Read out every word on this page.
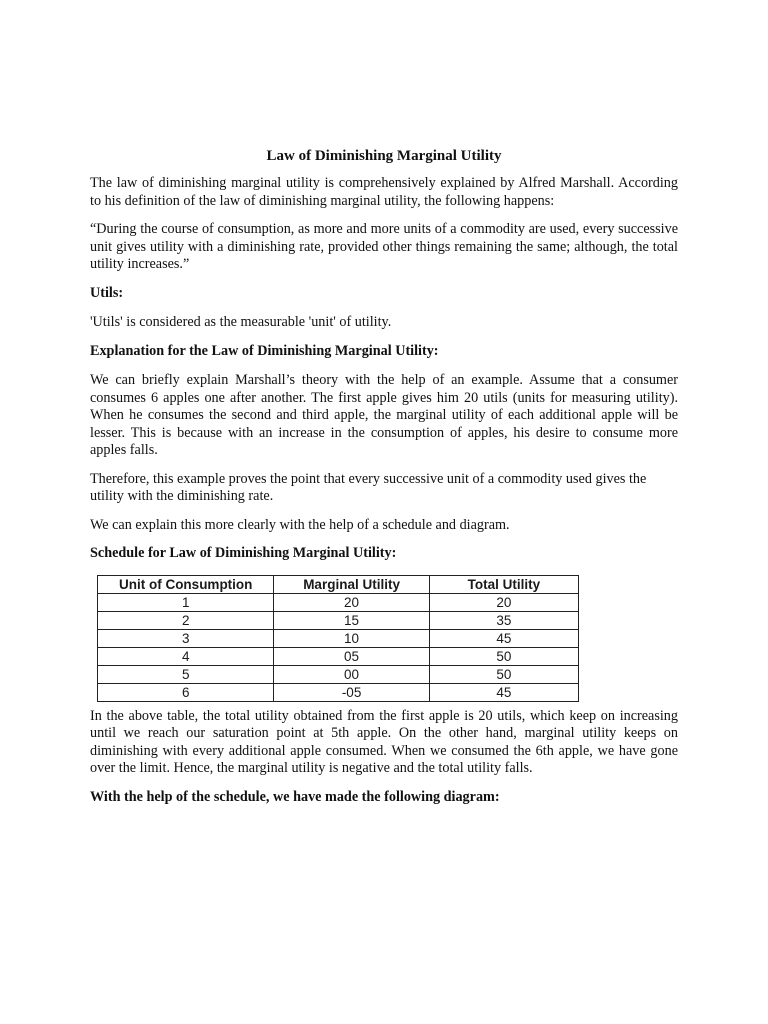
Law of Diminishing Marginal Utility

The law of diminishing marginal utility is comprehensively explained by Alfred Marshall. According to his definition of the law of diminishing marginal utility, the following happens:

“During the course of consumption, as more and more units of a commodity are used, every successive unit gives utility with a diminishing rate, provided other things remaining the same; although, the total utility increases.”

Utils:

'Utils' is considered as the measurable 'unit' of utility.

Explanation for the Law of Diminishing Marginal Utility:

We can briefly explain Marshall’s theory with the help of an example. Assume that a consumer consumes 6 apples one after another. The first apple gives him 20 utils (units for measuring utility). When he consumes the second and third apple, the marginal utility of each additional apple will be lesser. This is because with an increase in the consumption of apples, his desire to consume more apples falls.

Therefore, this example proves the point that every successive unit of a commodity used gives the utility with the diminishing rate.

We can explain this more clearly with the help of a schedule and diagram.

Schedule for Law of Diminishing Marginal Utility:
Unit of Consumption	Marginal Utility	Total Utility
1	20	20
2	15	35
3	10	45
4	05	50
5	00	50
6	-05	45

In the above table, the total utility obtained from the first apple is 20 utils, which keep on increasing until we reach our saturation point at 5th apple. On the other hand, marginal utility keeps on diminishing with every additional apple consumed. When we consumed the 6th apple, we have gone over the limit. Hence, the marginal utility is negative and the total utility falls.

With the help of the schedule, we have made the following diagram:
